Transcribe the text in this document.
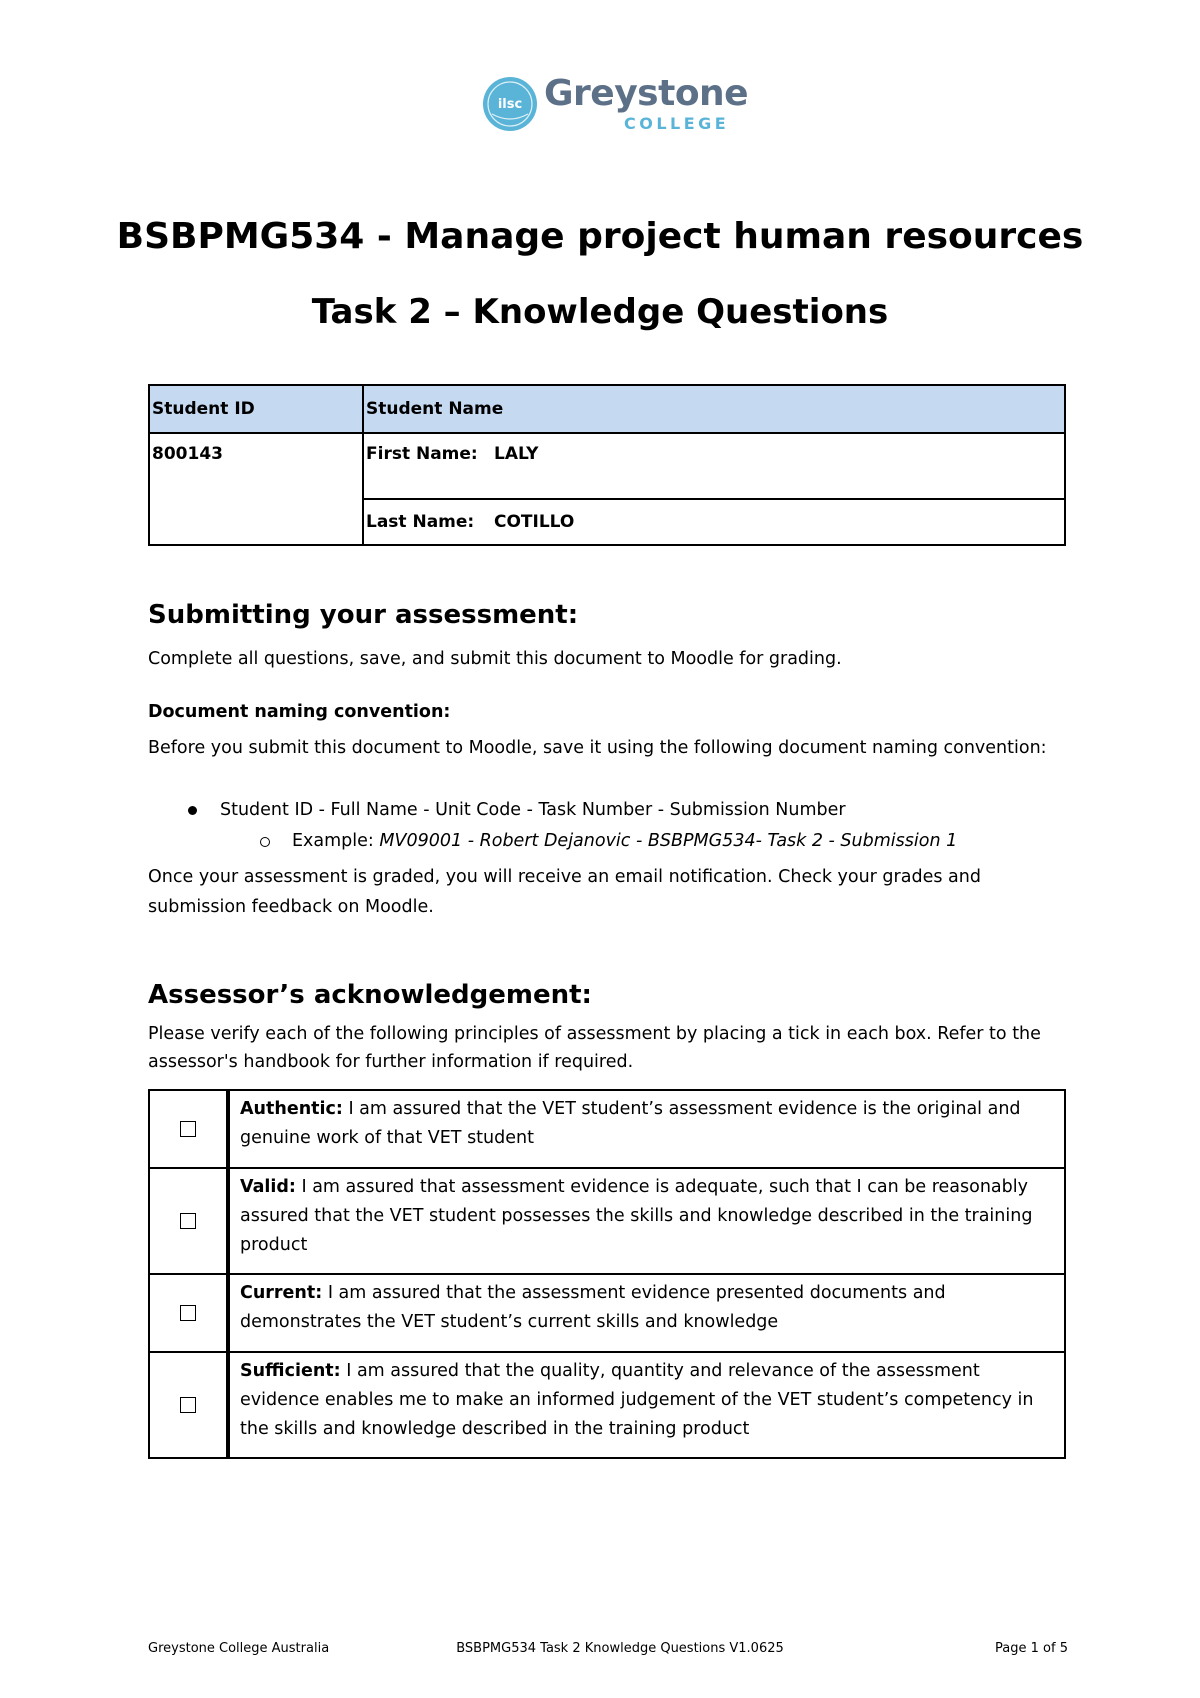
ilsc Greystone
COLLEGE
BSBPMG534 - Manage project human resources
Task 2 – Knowledge Questions
Student ID	Student Name
800143	First Name: LALY
	Last Name: COTILLO
Submitting your assessment:
Complete all questions, save, and submit this document to Moodle for grading.
Document naming convention:
Before you submit this document to Moodle, save it using the following document naming convention:
Student ID - Full Name - Unit Code - Task Number - Submission Number
Example: MV09001 - Robert Dejanovic - BSBPMG534- Task 2 - Submission 1
Once your assessment is graded, you will receive an email notification. Check your grades and submission feedback on Moodle.
Assessor’s acknowledgement:
Please verify each of the following principles of assessment by placing a tick in each box. Refer to the assessor's handbook for further information if required.
	Authentic: I am assured that the VET student’s assessment evidence is the original and genuine work of that VET student
	Valid: I am assured that assessment evidence is adequate, such that I can be reasonably assured that the VET student possesses the skills and knowledge described in the training product
	Current: I am assured that the assessment evidence presented documents and demonstrates the VET student’s current skills and knowledge
	Sufficient: I am assured that the quality, quantity and relevance of the assessment evidence enables me to make an informed judgement of the VET student’s competency in the skills and knowledge described in the training product
Greystone College Australia	BSBPMG534 Task 2 Knowledge Questions V1.0625	Page 1 of 5
